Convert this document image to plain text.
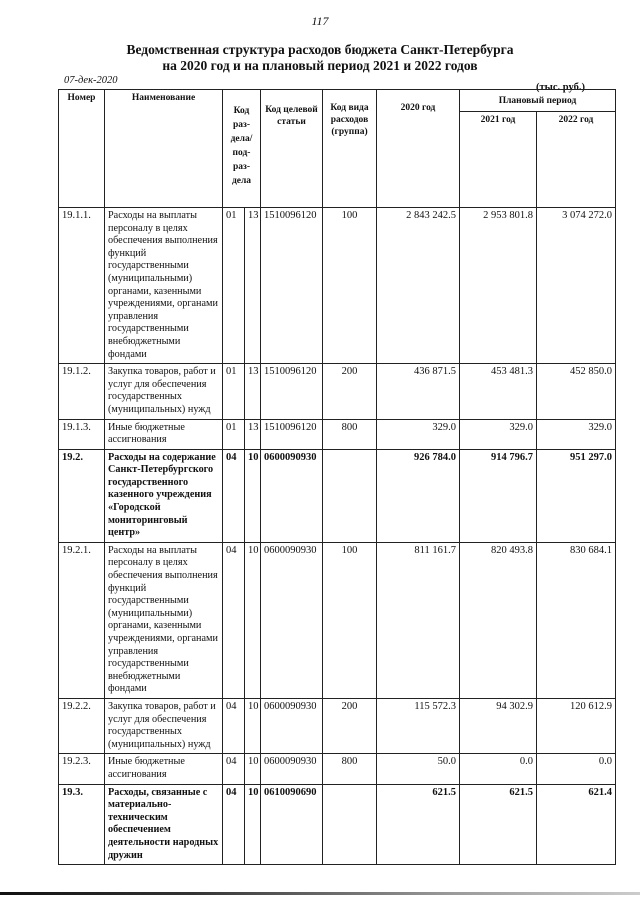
117
Ведомственная структура расходов бюджета Санкт-Петербурга
на 2020 год и на плановый период 2021 и 2022 годов
07-дек-2020
(тыс. руб.)
Номер	Наименование	Код раз-дела/ под-раз-дела		Код целевой статьи	Код вида расходов (группа)	2020 год	Плановый период	
							2021 год	2022 год
19.1.1.	Расходы на выплаты персоналу в целях обеспечения выполнения функций государственными (муниципальными) органами, казенными учреждениями, органами управления государственными внебюджетными фондами	01	13	1510096120	100	2 843 242.5	2 953 801.8	3 074 272.0
19.1.2.	Закупка товаров, работ и услуг для обеспечения государственных (муниципальных) нужд	01	13	1510096120	200	436 871.5	453 481.3	452 850.0
19.1.3.	Иные бюджетные ассигнования	01	13	1510096120	800	329.0	329.0	329.0
19.2.	Расходы на содержание Санкт-Петербургского государственного казенного учреждения «Городской мониторинговый центр»	04	10	0600090930		926 784.0	914 796.7	951 297.0
19.2.1.	Расходы на выплаты персоналу в целях обеспечения выполнения функций государственными (муниципальными) органами, казенными учреждениями, органами управления государственными внебюджетными фондами	04	10	0600090930	100	811 161.7	820 493.8	830 684.1
19.2.2.	Закупка товаров, работ и услуг для обеспечения государственных (муниципальных) нужд	04	10	0600090930	200	115 572.3	94 302.9	120 612.9
19.2.3.	Иные бюджетные ассигнования	04	10	0600090930	800	50.0	0.0	0.0
19.3.	Расходы, связанные с материально-техническим обеспечением деятельности народных дружин	04	10	0610090690		621.5	621.5	621.4
